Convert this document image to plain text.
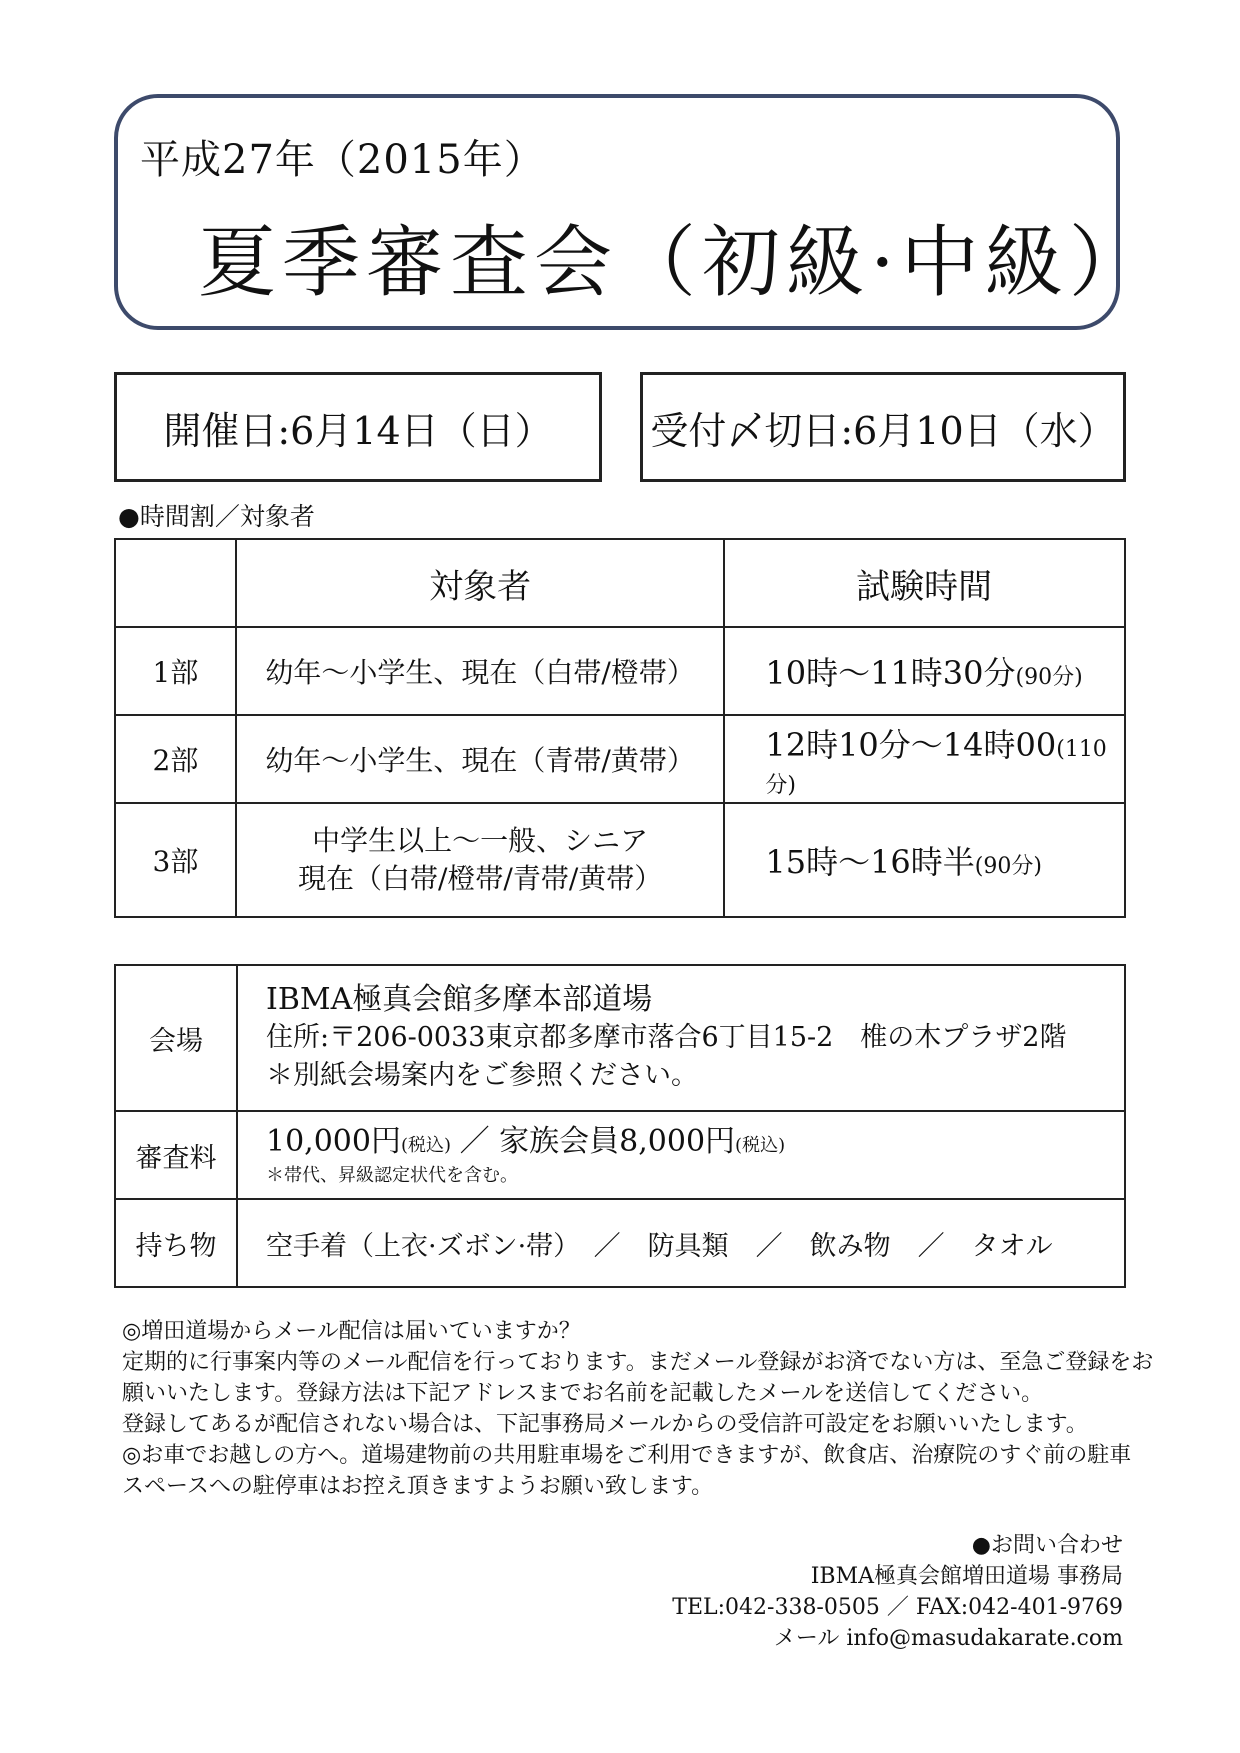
平成27年（2015年）
夏季審査会（初級·中級）
開催日:6月14日（日）	受付〆切日:6月10日（水）
●時間割／対象者
	対象者	試験時間
1部	幼年～小学生、現在（白帯/橙帯）	10時～11時30分(90分)
2部	幼年～小学生、現在（青帯/黄帯）	12時10分～14時00(110分)
3部	中学生以上～一般、シニア
現在（白帯/橙帯/青帯/黄帯）	15時～16時半(90分)
会場	IBMA極真会館多摩本部道場
住所:〒206-0033東京都多摩市落合6丁目15-2　椎の木プラザ2階
＊別紙会場案内をご参照ください。

審査料	10,000円(税込) ／ 家族会員8,000円(税込)
＊帯代、昇級認定状代を含む。

持ち物	空手着（上衣·ズボン·帯）　／　防具類　／　飲み物　／　タオル
◎増田道場からメール配信は届いていますか？
定期的に行事案内等のメール配信を行っております。まだメール登録がお済でない方は、至急ご登録をお
願いいたします。登録方法は下記アドレスまでお名前を記載したメールを送信してください。
登録してあるが配信されない場合は、下記事務局メールからの受信許可設定をお願いいたします。
◎お車でお越しの方へ。道場建物前の共用駐車場をご利用できますが、飲食店、治療院のすぐ前の駐車
スペースへの駐停車はお控え頂きますようお願い致します。
●お問い合わせ
IBMA極真会館増田道場 事務局
TEL:042-338-0505 ／ FAX:042-401-9769
メール info@masudakarate.com
